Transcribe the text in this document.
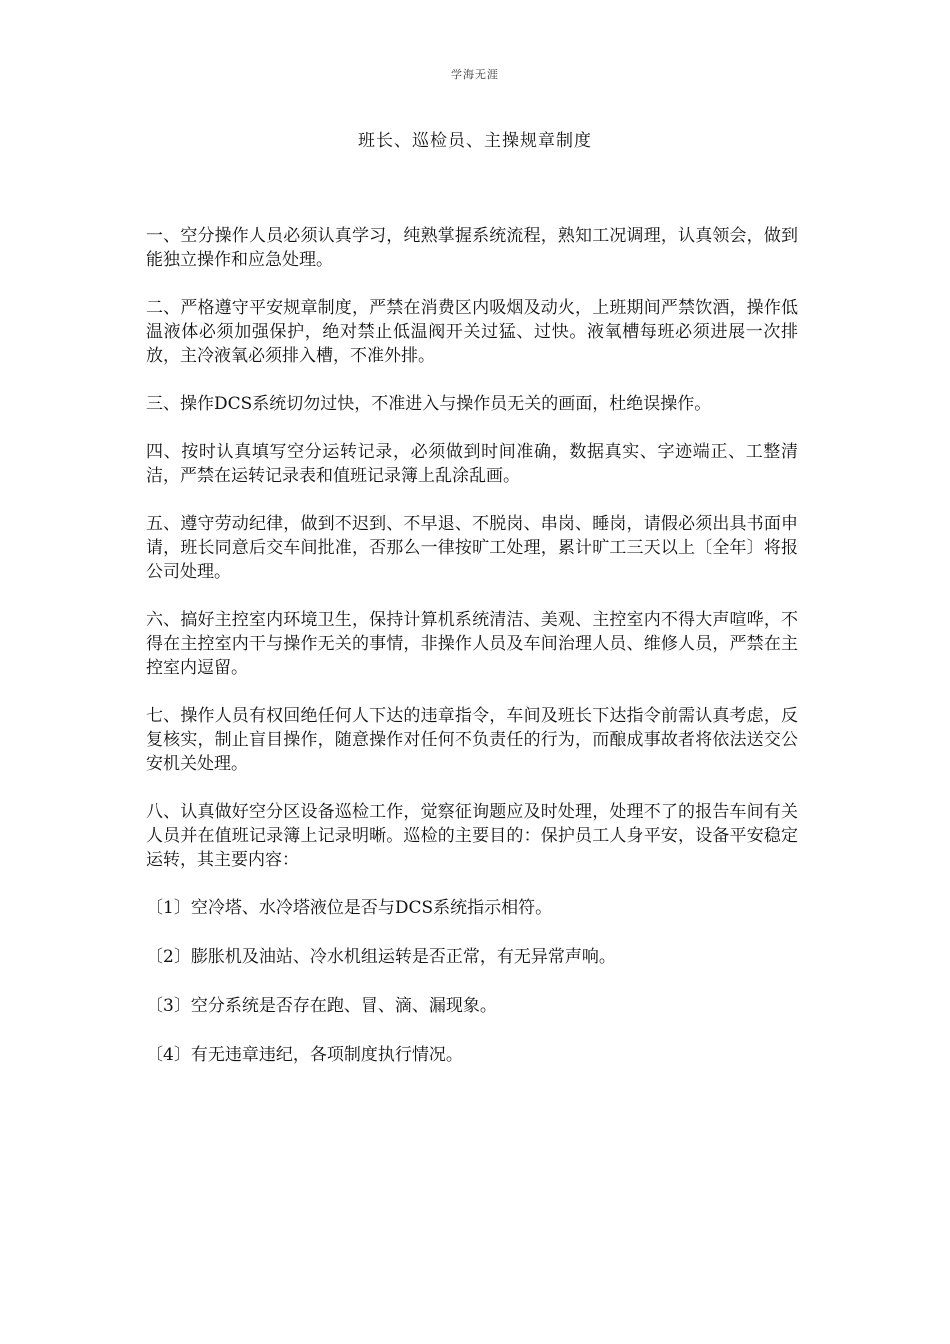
学海无涯
班长、巡检员、主操规章制度

一、空分操作人员必须认真学习，纯熟掌握系统流程，熟知工况调理，认真领会，做到能独立操作和应急处理。

二、严格遵守平安规章制度，严禁在消费区内吸烟及动火，上班期间严禁饮酒，操作低温液体必须加强保护，绝对禁止低温阀开关过猛、过快。液氧槽每班必须进展一次排放，主冷液氧必须排入槽，不准外排。

三、操作DCS系统切勿过快，不准进入与操作员无关的画面，杜绝误操作。

四、按时认真填写空分运转记录，必须做到时间准确，数据真实、字迹端正、工整清洁，严禁在运转记录表和值班记录簿上乱涂乱画。

五、遵守劳动纪律，做到不迟到、不早退、不脱岗、串岗、睡岗，请假必须出具书面申请，班长同意后交车间批准，否那么一律按旷工处理，累计旷工三天以上〔全年〕将报公司处理。

六、搞好主控室内环境卫生，保持计算机系统清洁、美观、主控室内不得大声喧哗，不得在主控室内干与操作无关的事情，非操作人员及车间治理人员、维修人员，严禁在主控室内逗留。

七、操作人员有权回绝任何人下达的违章指令，车间及班长下达指令前需认真考虑，反复核实，制止盲目操作，随意操作对任何不负责任的行为，而酿成事故者将依法送交公安机关处理。

八、认真做好空分区设备巡检工作，觉察征询题应及时处理，处理不了的报告车间有关人员并在值班记录簿上记录明晰。巡检的主要目的：保护员工人身平安，设备平安稳定运转，其主要内容：

〔1〕空冷塔、水冷塔液位是否与DCS系统指示相符。

〔2〕膨胀机及油站、冷水机组运转是否正常，有无异常声响。

〔3〕空分系统是否存在跑、冒、滴、漏现象。

〔4〕有无违章违纪，各项制度执行情况。
